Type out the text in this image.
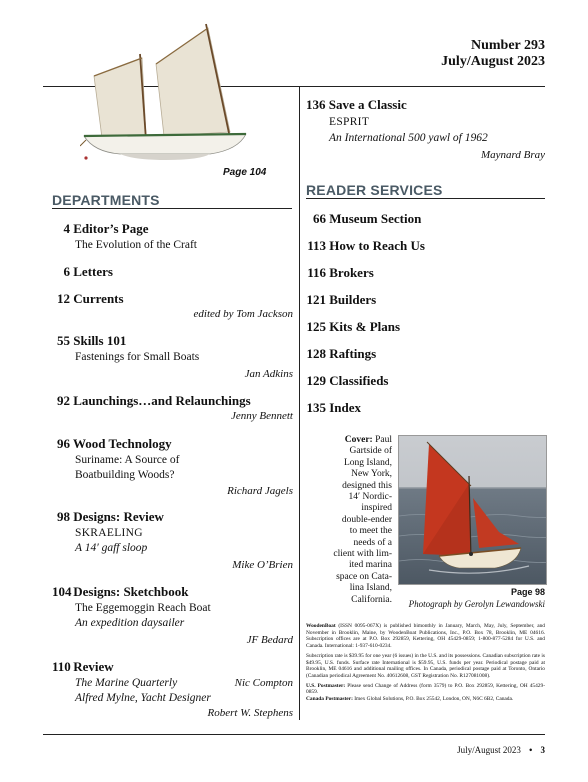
Number 293
July/August 2023
Page 104
DEPARTMENTS
4 Editor’s Page
The Evolution of the Craft
6 Letters
12 Currents
edited by Tom Jackson
55 Skills 101
Fastenings for Small Boats
Jan Adkins
92 Launchings…and Relaunchings
Jenny Bennett
96 Wood Technology
Suriname: A Source of
Boatbuilding Woods?
Richard Jagels
98 Designs: Review
SKRAELING
A 14′ gaff sloop
Mike O’Brien
104 Designs: Sketchbook
The Eggemoggin Reach Boat
An expedition daysailer
JF Bedard
110 Review
The Marine Quarterly
Alfred Mylne, Yacht Designer
Nic Compton
Robert W. Stephens
136 Save a Classic
ESPRIT
An International 500 yawl of 1962
Maynard Bray
READER SERVICES
66 Museum Section
113 How to Reach Us
116 Brokers
121 Builders
125 Kits & Plans
128 Raftings
129 Classifieds
135 Index
Cover: Paul
Gartside of
Long Island,
New York,
designed this
14′ Nordic-
inspired
double-ender
to meet the
needs of a
client with lim-
ited marina
space on Cata-
lina Island,
California.
Page 98
Photograph by Gerolyn Lewandowski
WoodenBoat (ISSN 0095-067X) is published bimonthly in January, March, May, July, September, and November in Brooklin, Maine, by WoodenBoat Publications, Inc., P.O. Box 78, Brooklin, ME 04616. Subscription offices are at P.O. Box 292859, Kettering, OH 45429-0859; 1-800-877-5284 for U.S. and Canada. International: 1-937-610-0234.
Subscription rate is $39.95 for one year (6 issues) in the U.S. and its possessions. Canadian subscription rate is $49.95, U.S. funds. Surface rate International is $59.95, U.S. funds per year. Periodical postage paid at Brooklin, ME 04616 and additional mailing offices. In Canada, periodical postage paid at Toronto, Ontario (Canadian periodical Agreement No. 40612608, GST Registration No. R127081008).
U.S. Postmaster: Please send Change of Address (form 3579) to P.O. Box 292859, Kettering, OH 45429-0859.
Canada Postmaster: Imex Global Solutions, P.O. Box 25542, London, ON, N6C 6B2, Canada.
July/August 2023 • 3
